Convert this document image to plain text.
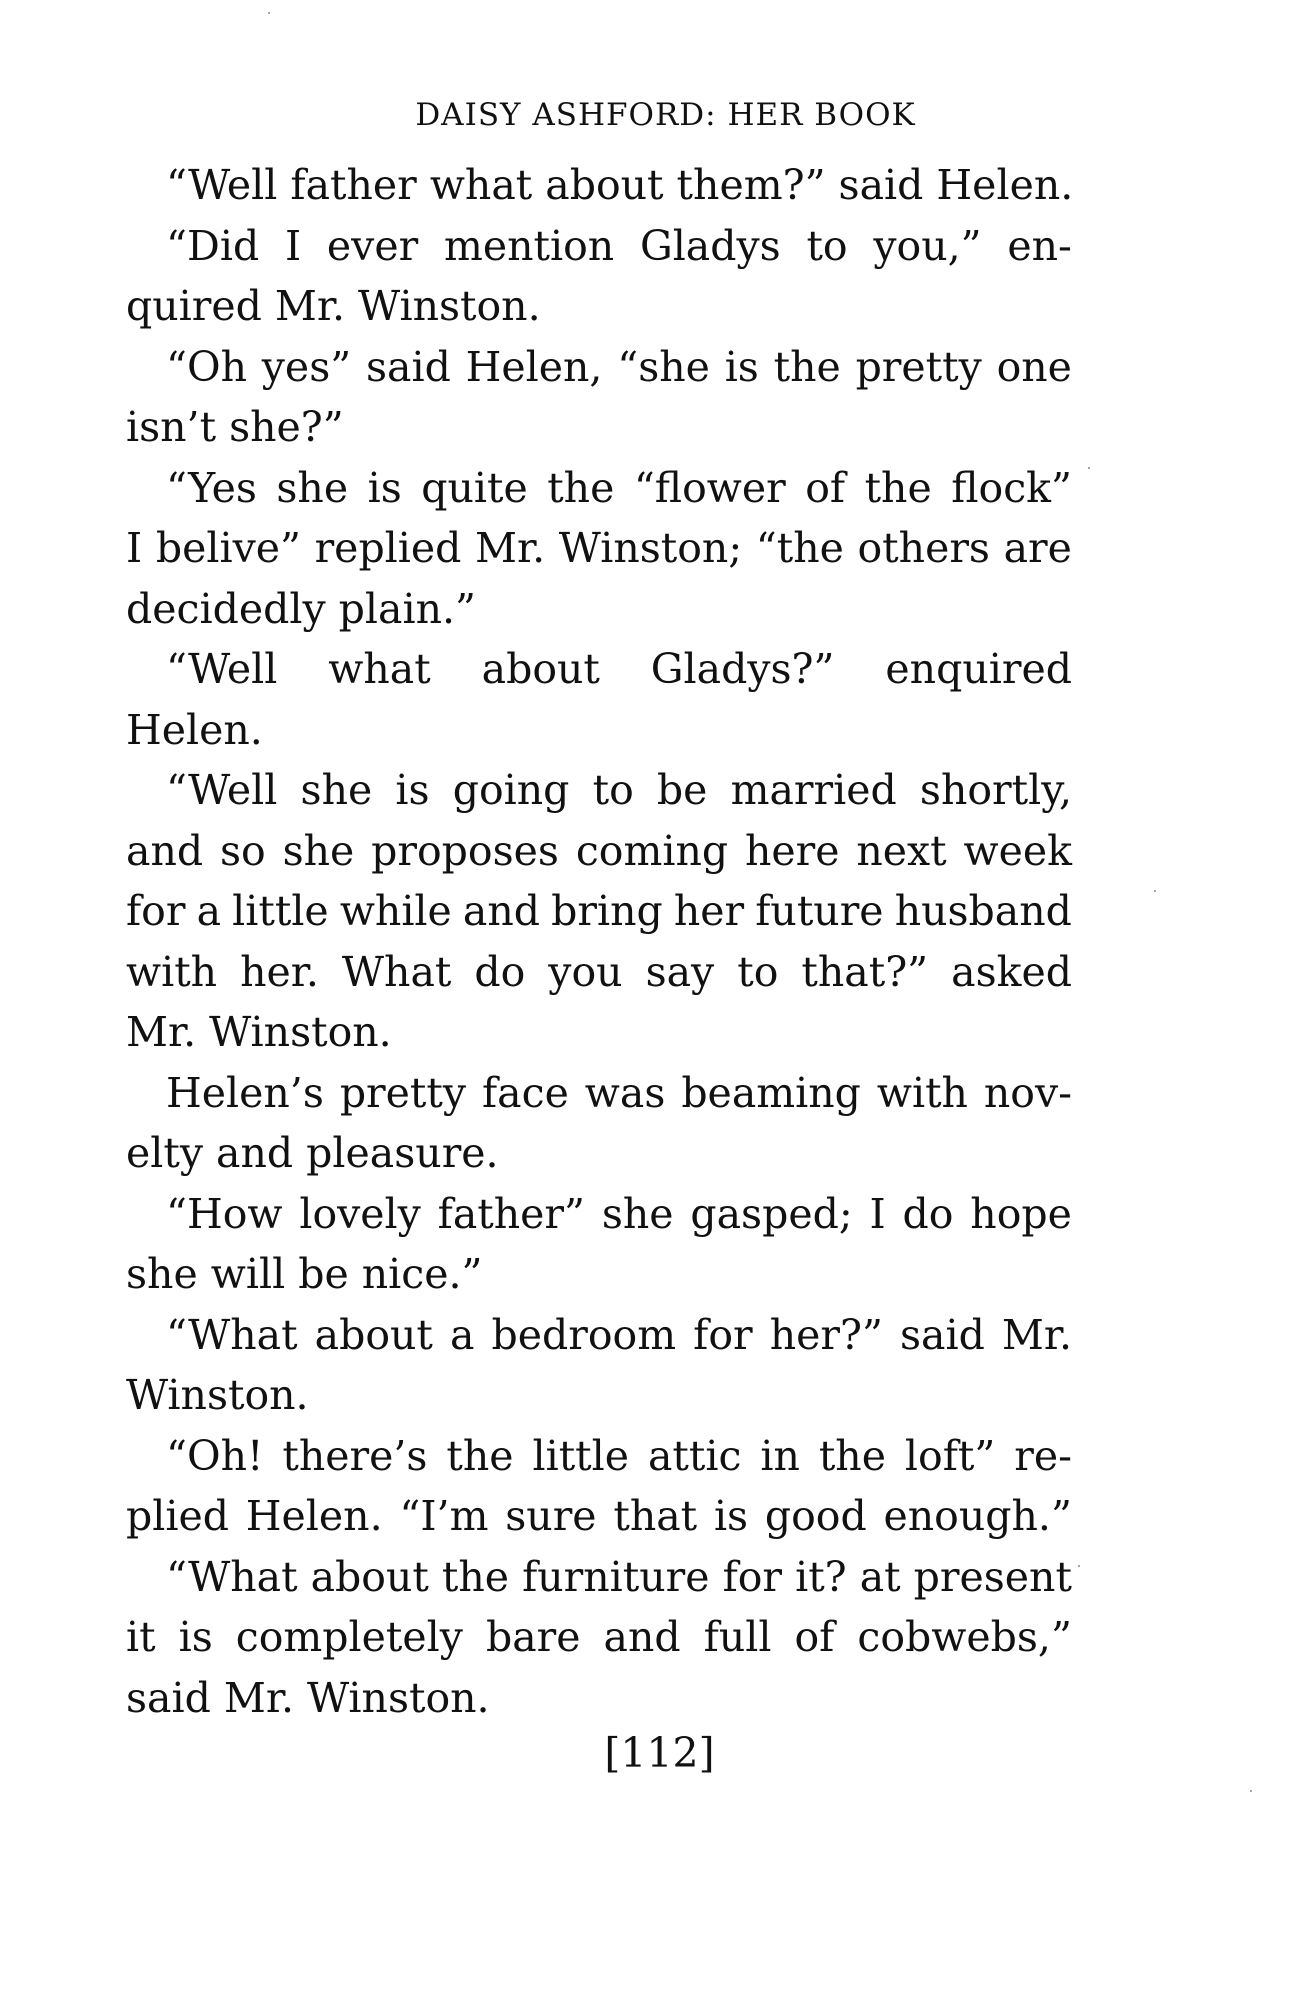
DAISY ASHFORD: HER BOOK
“Well father what about them?” said Helen.
“Did I ever mention Gladys to you,” en-
quired Mr. Winston.
“Oh yes” said Helen, “she is the pretty one
isn’t she?”
“Yes she is quite the “flower of the flock”
I belive” replied Mr. Winston; “the others are
decidedly plain.”
“Well what about Gladys?” enquired
Helen.
“Well she is going to be married shortly,
and so she proposes coming here next week
for a little while and bring her future husband
with her. What do you say to that?” asked
Mr. Winston.
Helen’s pretty face was beaming with nov-
elty and pleasure.
“How lovely father” she gasped; I do hope
she will be nice.”
“What about a bedroom for her?” said Mr.
Winston.
“Oh! there’s the little attic in the loft” re-
plied Helen. “I’m sure that is good enough.”
“What about the furniture for it? at present
it is completely bare and full of cobwebs,”
said Mr. Winston.
[112]
